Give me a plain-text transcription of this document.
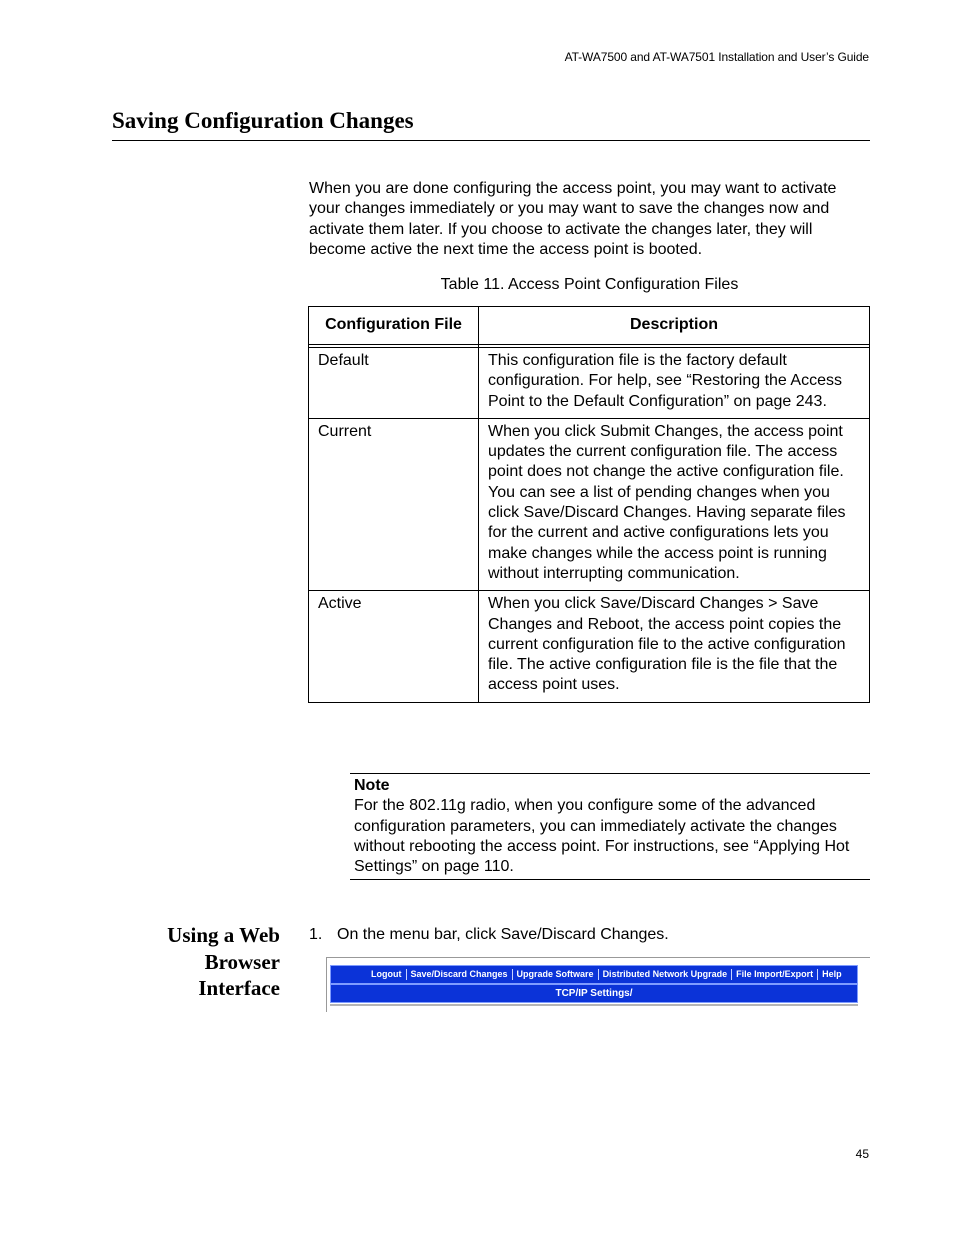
AT-WA7500 and AT-WA7501 Installation and User’s Guide
Saving Configuration Changes

When you are done configuring the access point, you may want to activate your changes immediately or you may want to save the changes now and activate them later. If you choose to activate the changes later, they will become active the next time the access point is booted.

Table 11. Access Point Configuration Files
Configuration File	Description

Default	This configuration file is the factory default configuration. For help, see “Restoring the Access Point to the Default Configuration” on page 243.
Current	When you click Submit Changes, the access point updates the current configuration file. The access point does not change the active configuration file. You can see a list of pending changes when you click Save/Discard Changes. Having separate files for the current and active configurations lets you make changes while the access point is running without interrupting communication.
Active	When you click Save/Discard Changes > Save Changes and Reboot, the access point copies the current configuration file to the active configuration file. The active configuration file is the file that the access point uses.
Note
For the 802.11g radio, when you configure some of the advanced configuration parameters, you can immediately activate the changes without rebooting the access point. For instructions, see “Applying Hot Settings” on page 110.
Using a Web
Browser
Interface
1. On the menu bar, click Save/Discard Changes.
Logout	Save/Discard Changes	Upgrade Software	Distributed Network Upgrade	File Import/Export	Help
TCP/IP Settings/
45
